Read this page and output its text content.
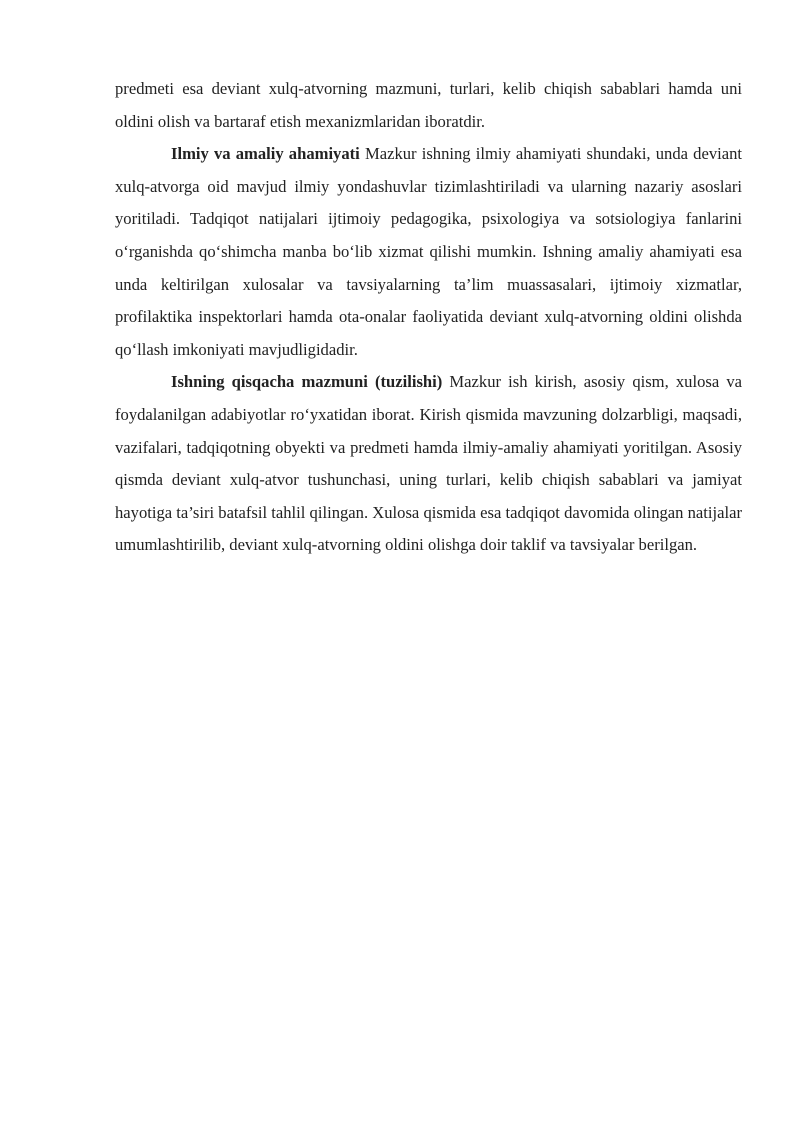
predmeti esa deviant xulq-atvorning mazmuni, turlari, kelib chiqish sabablari hamda uni oldini olish va bartaraf etish mexanizmlaridan iboratdir.

Ilmiy va amaliy ahamiyati Mazkur ishning ilmiy ahamiyati shundaki, unda deviant xulq-atvorga oid mavjud ilmiy yondashuvlar tizimlashtiriladi va ularning nazariy asoslari yoritiladi. Tadqiqot natijalari ijtimoiy pedagogika, psixologiya va sotsiologiya fanlarini o‘rganishda qo‘shimcha manba bo‘lib xizmat qilishi mumkin. Ishning amaliy ahamiyati esa unda keltirilgan xulosalar va tavsiyalarning ta’lim muassasalari, ijtimoiy xizmatlar, profilaktika inspektorlari hamda ota-onalar faoliyatida deviant xulq-atvorning oldini olishda qo‘llash imkoniyati mavjudligidadir.

Ishning qisqacha mazmuni (tuzilishi) Mazkur ish kirish, asosiy qism, xulosa va foydalanilgan adabiyotlar ro‘yxatidan iborat. Kirish qismida mavzuning dolzarbligi, maqsadi, vazifalari, tadqiqotning obyekti va predmeti hamda ilmiy-amaliy ahamiyati yoritilgan. Asosiy qismda deviant xulq-atvor tushunchasi, uning turlari, kelib chiqish sabablari va jamiyat hayotiga ta’siri batafsil tahlil qilingan. Xulosa qismida esa tadqiqot davomida olingan natijalar umumlashtirilib, deviant xulq-atvorning oldini olishga doir taklif va tavsiyalar berilgan.
